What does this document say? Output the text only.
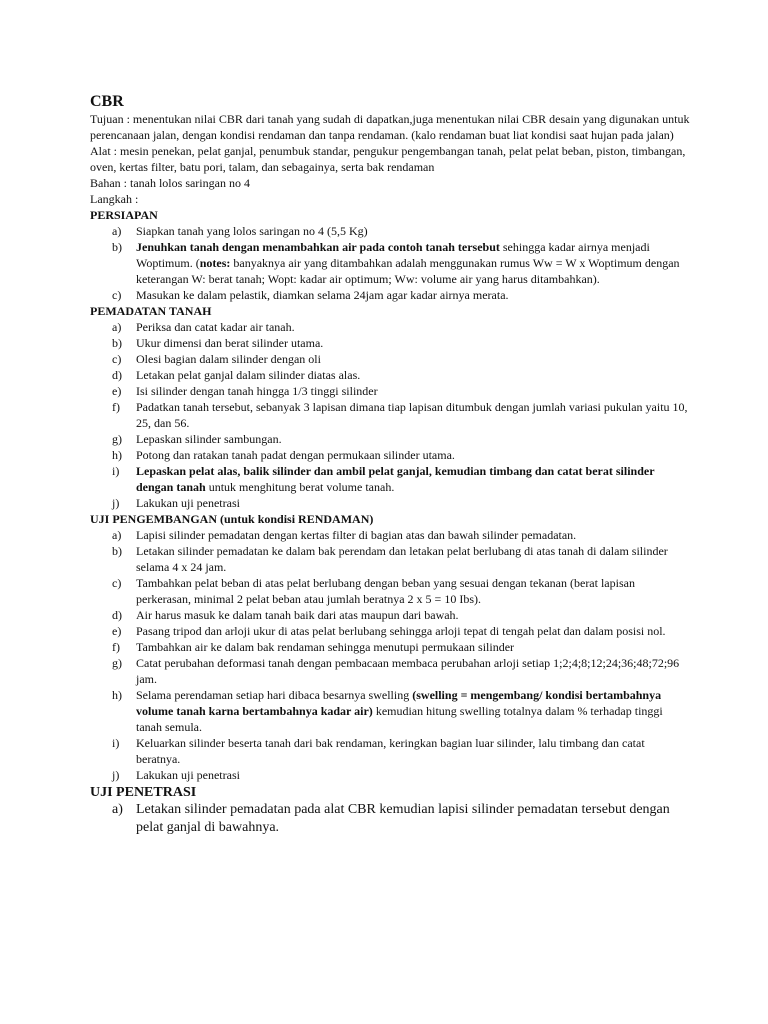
CBR

Tujuan : menentukan nilai CBR dari tanah yang sudah di dapatkan,juga menentukan nilai CBR desain yang digunakan untuk perencanaan jalan, dengan kondisi rendaman dan tanpa rendaman. (kalo rendaman buat liat kondisi saat hujan pada jalan)

Alat : mesin penekan, pelat ganjal, penumbuk standar, pengukur pengembangan tanah, pelat pelat beban, piston, timbangan, oven, kertas filter, batu pori, talam, dan sebagainya, serta bak rendaman

Bahan : tanah lolos saringan no 4

Langkah :

PERSIAPAN
a) Siapkan tanah yang lolos saringan no 4 (5,5 Kg)
b) Jenuhkan tanah dengan menambahkan air pada contoh tanah tersebut sehingga kadar airnya menjadi Woptimum. (notes: banyaknya air yang ditambahkan adalah menggunakan rumus Ww = W x Woptimum dengan keterangan W: berat tanah; Wopt: kadar air optimum; Ww: volume air yang harus ditambahkan).
c) Masukan ke dalam pelastik, diamkan selama 24jam agar kadar airnya merata.
PEMADATAN TANAH
a) Periksa dan catat kadar air tanah.
b) Ukur dimensi dan berat silinder utama.
c) Olesi bagian dalam silinder dengan oli
d) Letakan pelat ganjal dalam silinder diatas alas.
e) Isi silinder dengan tanah hingga 1/3 tinggi silinder
f) Padatkan tanah tersebut, sebanyak 3 lapisan dimana tiap lapisan ditumbuk dengan jumlah variasi pukulan yaitu 10, 25, dan 56.
g) Lepaskan silinder sambungan.
h) Potong dan ratakan tanah padat dengan permukaan silinder utama.
i) Lepaskan pelat alas, balik silinder dan ambil pelat ganjal, kemudian timbang dan catat berat silinder dengan tanah untuk menghitung berat volume tanah.
j) Lakukan uji penetrasi
UJI PENGEMBANGAN (untuk kondisi RENDAMAN)
a) Lapisi silinder pemadatan dengan kertas filter di bagian atas dan bawah silinder pemadatan.
b) Letakan silinder pemadatan ke dalam bak perendam dan letakan pelat berlubang di atas tanah di dalam silinder selama 4 x 24 jam.
c) Tambahkan pelat beban di atas pelat berlubang dengan beban yang sesuai dengan tekanan (berat lapisan perkerasan, minimal 2 pelat beban atau jumlah beratnya 2 x 5 = 10 Ibs).
d) Air harus masuk ke dalam tanah baik dari atas maupun dari bawah.
e) Pasang tripod dan arloji ukur di atas pelat berlubang sehingga arloji tepat di tengah pelat dan dalam posisi nol.
f) Tambahkan air ke dalam bak rendaman sehingga menutupi permukaan silinder
g) Catat perubahan deformasi tanah dengan pembacaan membaca perubahan arloji setiap 1;2;4;8;12;24;36;48;72;96 jam.
h) Selama perendaman setiap hari dibaca besarnya swelling (swelling = mengembang/ kondisi bertambahnya volume tanah karna bertambahnya kadar air) kemudian hitung swelling totalnya dalam % terhadap tinggi tanah semula.
i) Keluarkan silinder beserta tanah dari bak rendaman, keringkan bagian luar silinder, lalu timbang dan catat beratnya.
j) Lakukan uji penetrasi
UJI PENETRASI
a) Letakan silinder pemadatan pada alat CBR kemudian lapisi silinder pemadatan tersebut dengan pelat ganjal di bawahnya.
